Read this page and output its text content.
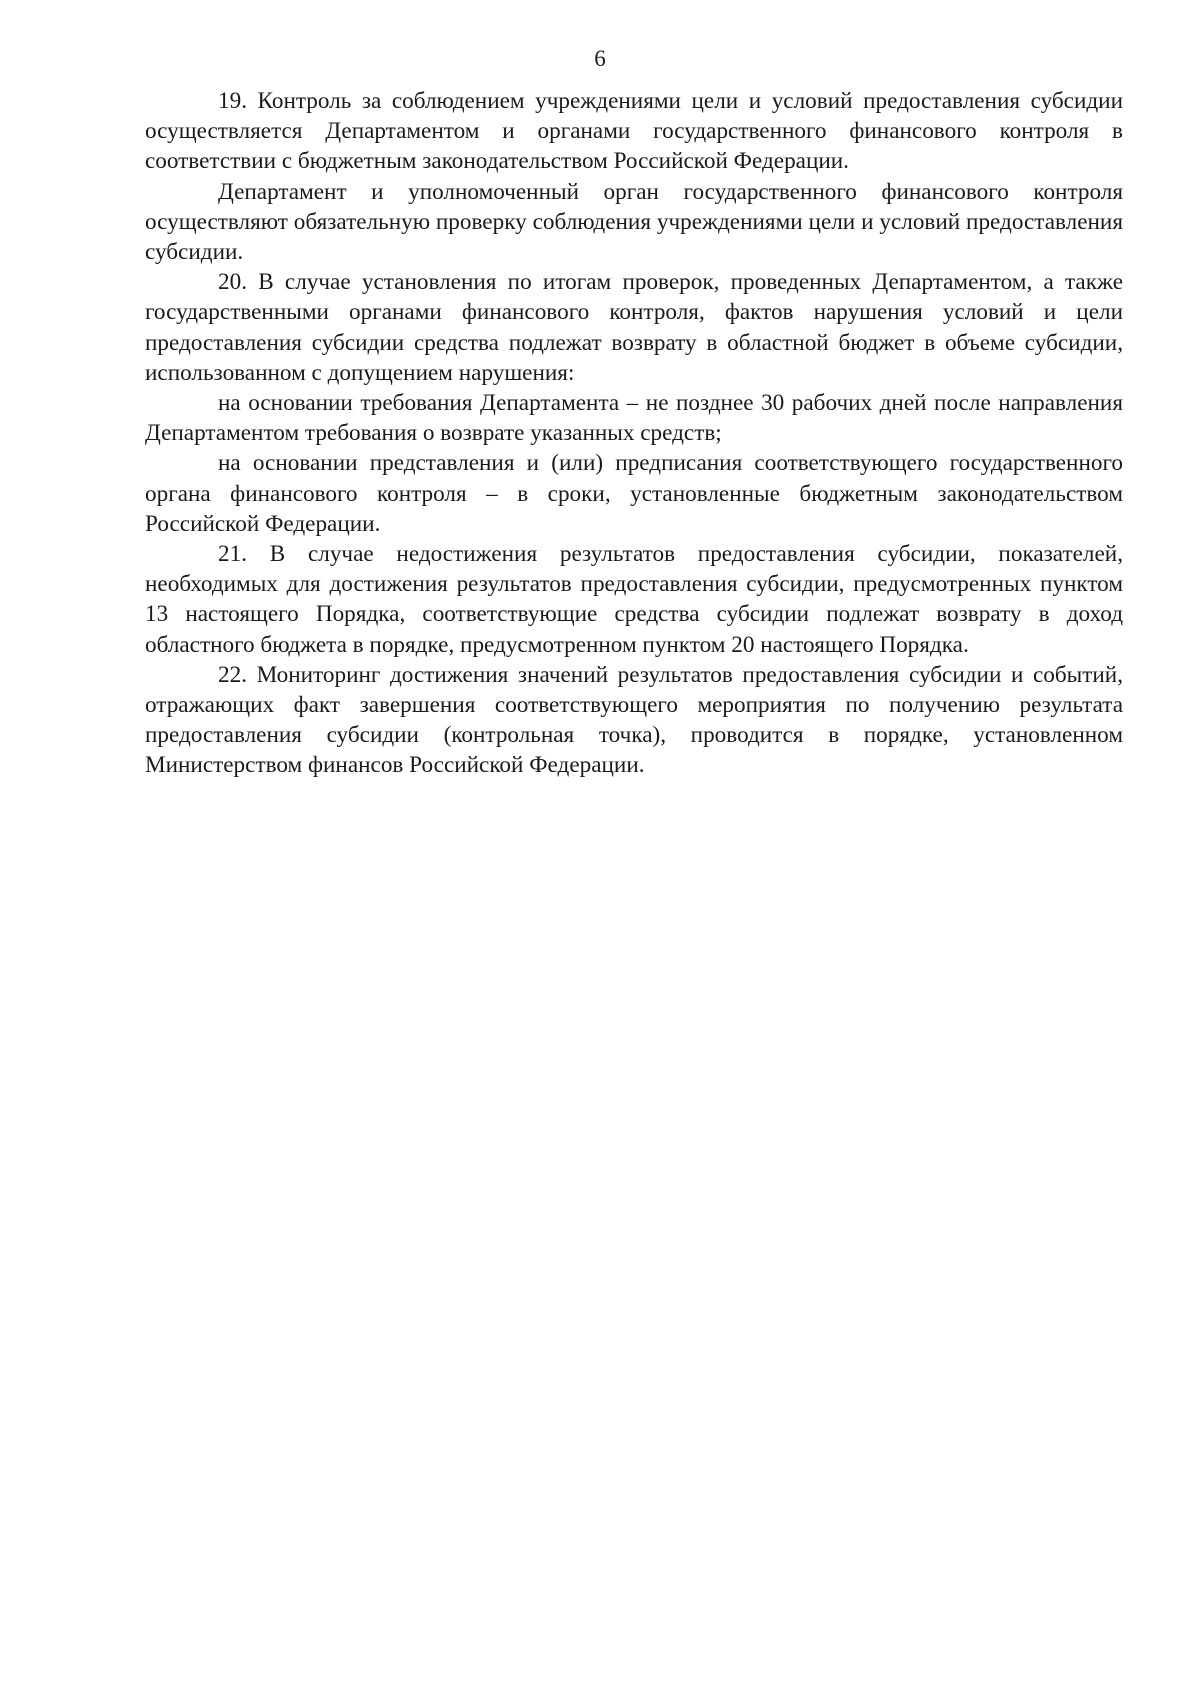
6

19. Контроль за соблюдением учреждениями цели и условий предоставления субсидии осуществляется Департаментом и органами государственного финансового контроля в соответствии с бюджетным законодательством Российской Федерации.

Департамент и уполномоченный орган государственного финансового контроля осуществляют обязательную проверку соблюдения учреждениями цели и условий предоставления субсидии.

20. В случае установления по итогам проверок, проведенных Департаментом, а также государственными органами финансового контроля, фактов нарушения условий и цели предоставления субсидии средства подлежат возврату в областной бюджет в объеме субсидии, использованном с допущением нарушения:

на основании требования Департамента – не позднее 30 рабочих дней после направления Департаментом требования о возврате указанных средств;

на основании представления и (или) предписания соответствующего государственного органа финансового контроля – в сроки, установленные бюджетным законодательством Российской Федерации.

21. В случае недостижения результатов предоставления субсидии, показателей, необходимых для достижения результатов предоставления субсидии, предусмотренных пунктом 13 настоящего Порядка, соответствующие средства субсидии подлежат возврату в доход областного бюджета в порядке, предусмотренном пунктом 20 настоящего Порядка.

22. Мониторинг достижения значений результатов предоставления субсидии и событий, отражающих факт завершения соответствующего мероприятия по получению результата предоставления субсидии (контрольная точка), проводится в порядке, установленном Министерством финансов Российской Федерации.
